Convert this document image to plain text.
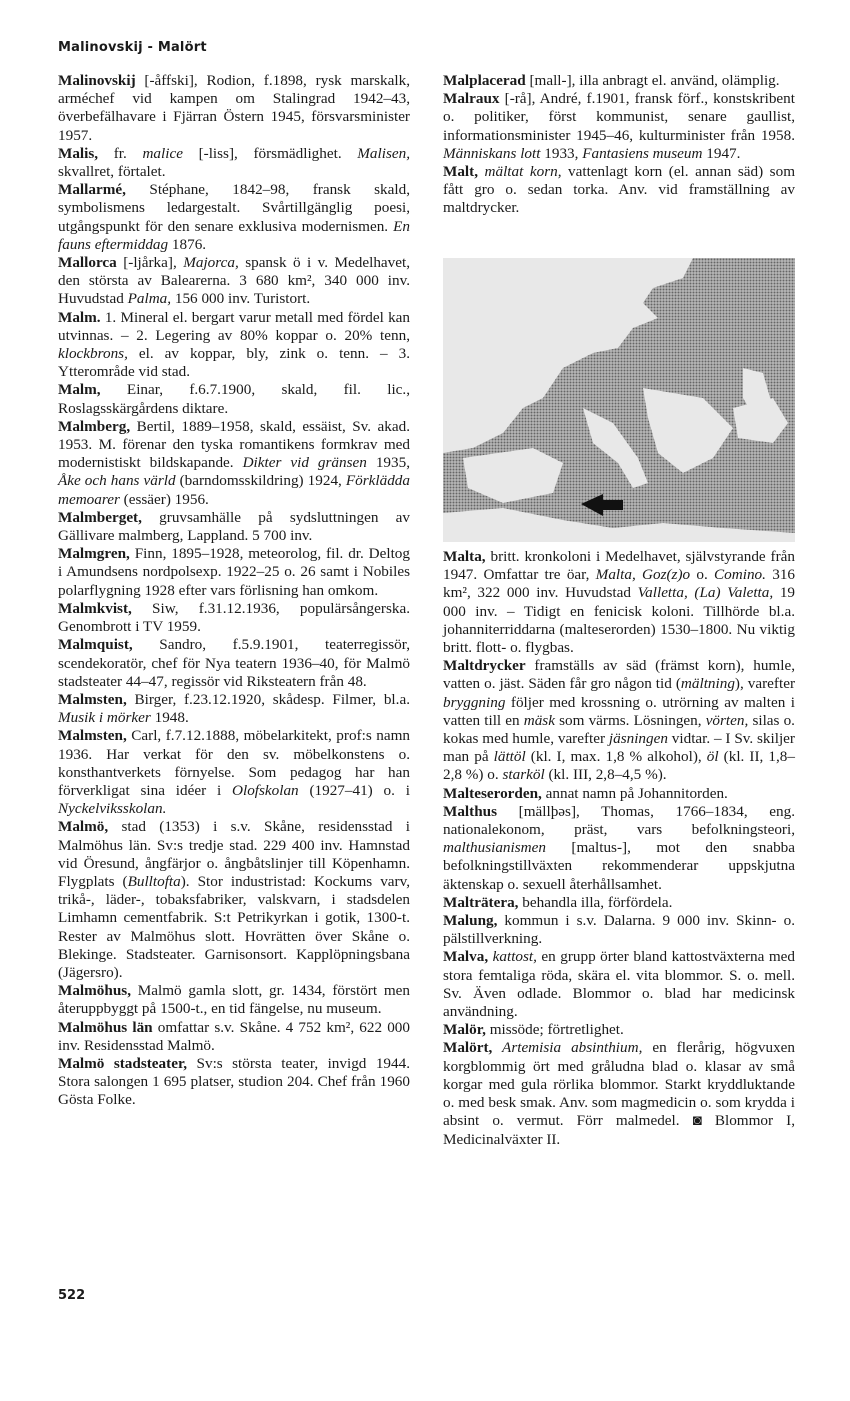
Malinovskij - Malört

Malinovskij [-åffski], Rodion, f.1898, rysk marskalk, arméchef vid kampen om Stalingrad 1942–43, överbefälhavare i Fjärran Östern 1945, försvarsminister 1957.

Malis, fr. malice [-liss], försmädlighet. Malisen, skvallret, förtalet.

Mallarmé, Stéphane, 1842–98, fransk skald, symbolismens ledargestalt. Svårtillgänglig poesi, utgångspunkt för den senare exklusiva modernismen. En fauns eftermiddag 1876.

Mallorca [-ljårka], Majorca, spansk ö i v. Medelhavet, den största av Balearerna. 3 680 km², 340 000 inv. Huvudstad Palma, 156 000 inv. Turistort.

Malm. 1. Mineral el. bergart varur metall med fördel kan utvinnas. – 2. Legering av 80% koppar o. 20% tenn, klockbrons, el. av koppar, bly, zink o. tenn. – 3. Ytterområde vid stad.

Malm, Einar, f.6.7.1900, skald, fil. lic., Roslagsskärgårdens diktare.

Malmberg, Bertil, 1889–1958, skald, essäist, Sv. akad. 1953. M. förenar den tyska romantikens formkrav med modernistiskt bildskapande. Dikter vid gränsen 1935, Åke och hans värld (barndomsskildring) 1924, Förklädda memoarer (essäer) 1956.

Malmberget, gruvsamhälle på sydsluttningen av Gällivare malmberg, Lappland. 5 700 inv.

Malmgren, Finn, 1895–1928, meteorolog, fil. dr. Deltog i Amundsens nordpolsexp. 1922–25 o. 26 samt i Nobiles polarflygning 1928 efter vars förlisning han omkom.

Malmkvist, Siw, f.31.12.1936, populärsångerska. Genombrott i TV 1959.

Malmquist, Sandro, f.5.9.1901, teaterregissör, scendekoratör, chef för Nya teatern 1936–40, för Malmö stadsteater 44–47, regissör vid Riksteatern från 48.

Malmsten, Birger, f.23.12.1920, skådesp. Filmer, bl.a. Musik i mörker 1948.

Malmsten, Carl, f.7.12.1888, möbelarkitekt, prof:s namn 1936. Har verkat för den sv. möbelkonstens o. konsthantverkets förnyelse. Som pedagog har han förverkligat sina idéer i Olofskolan (1927–41) o. i Nyckelviksskolan.

Malmö, stad (1353) i s.v. Skåne, residensstad i Malmöhus län. Sv:s tredje stad. 229 400 inv. Hamnstad vid Öresund, ångfärjor o. ångbåtslinjer till Köpenhamn. Flygplats (Bulltofta). Stor industristad: Kockums varv, trikå-, läder-, tobaksfabriker, valskvarn, i stadsdelen Limhamn cementfabrik. S:t Petrikyrkan i gotik, 1300-t. Rester av Malmöhus slott. Hovrätten över Skåne o. Blekinge. Stadsteater. Garnisonsort. Kapplöpningsbana (Jägersro).

Malmöhus, Malmö gamla slott, gr. 1434, förstört men återuppbyggt på 1500-t., en tid fängelse, nu museum.

Malmöhus län omfattar s.v. Skåne. 4 752 km², 622 000 inv. Residensstad Malmö.

Malmö stadsteater, Sv:s största teater, invigd 1944. Stora salongen 1 695 platser, studion 204. Chef från 1960 Gösta Folke.

Malplacerad [mall-], illa anbragt el. använd, olämplig.

Malraux [-rå], André, f.1901, fransk förf., konstskribent o. politiker, först kommunist, senare gaullist, informationsminister 1945–46, kulturminister från 1958. Människans lott 1933, Fantasiens museum 1947.

Malt, mältat korn, vattenlagt korn (el. annan säd) som fått gro o. sedan torka. Anv. vid framställning av maltdrycker.

Malta, britt. kronkoloni i Medelhavet, självstyrande från 1947. Omfattar tre öar, Malta, Goz(z)o o. Comino. 316 km², 322 000 inv. Huvudstad Valletta, (La) Valetta, 19 000 inv. – Tidigt en fenicisk koloni. Tillhörde bl.a. johanniterriddarna (malteserorden) 1530–1800. Nu viktig britt. flott- o. flygbas.

Maltdrycker framställs av säd (främst korn), humle, vatten o. jäst. Säden får gro någon tid (mältning), varefter bryggning följer med krossning o. utrörning av malten i vatten till en mäsk som värms. Lösningen, vörten, silas o. kokas med humle, varefter jäsningen vidtar. – I Sv. skiljer man på lättöl (kl. I, max. 1,8 % alkohol), öl (kl. II, 1,8–2,8 %) o. starköl (kl. III, 2,8–4,5 %).

Malteserorden, annat namn på Johannitorden.

Malthus [mällþəs], Thomas, 1766–1834, eng. nationalekonom, präst, vars befolkningsteori, malthusianismen [maltus-], mot den snabba befolkningstillväxten rekommenderar uppskjutna äktenskap o. sexuell återhållsamhet.

Malträtera, behandla illa, förfördela.

Malung, kommun i s.v. Dalarna. 9 000 inv. Skinn- o. pälstillverkning.

Malva, kattost, en grupp örter bland kattostväxterna med stora femtaliga röda, skära el. vita blommor. S. o. mell. Sv. Även odlade. Blommor o. blad har medicinsk användning.

Malör, missöde; förtretlighet.

Malört, Artemisia absinthium, en flerårig, högvuxen korgblommig ört med gråludna blad o. klasar av små korgar med gula rörlika blommor. Starkt kryddluktande o. med besk smak. Anv. som magmedicin o. som krydda i absint o. vermut. Förr malmedel. ◙ Blommor I, Medicinalväxter II.

522
